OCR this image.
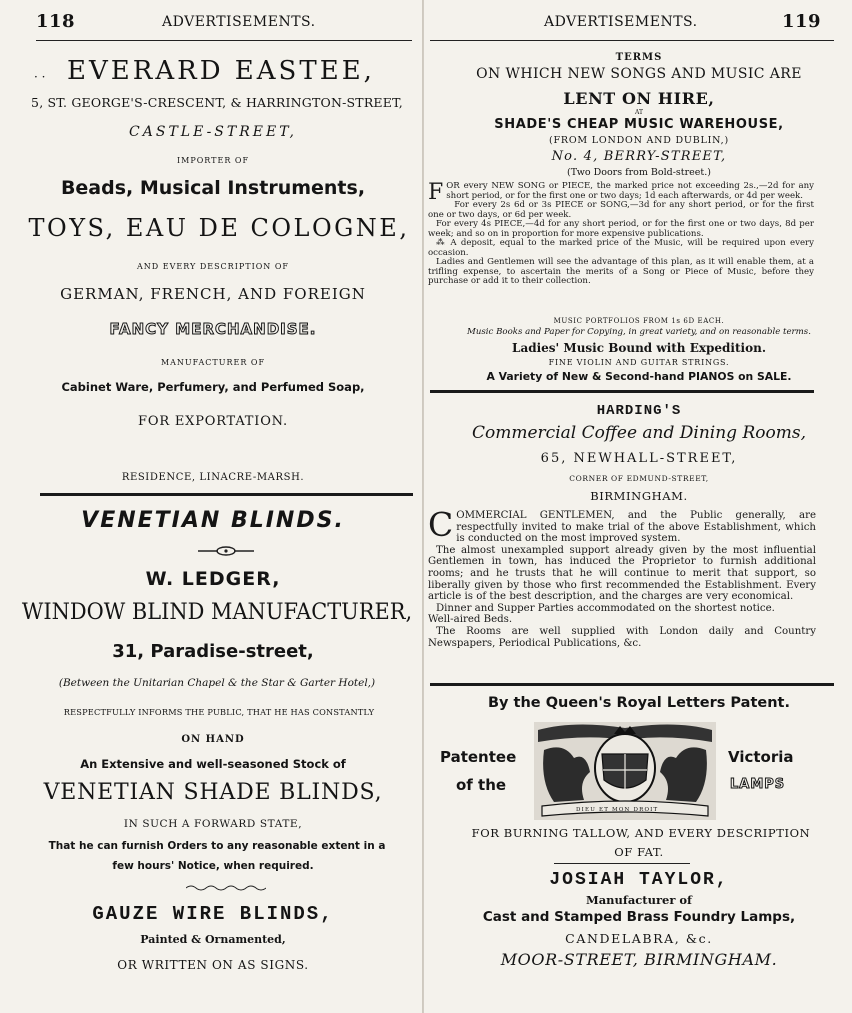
118	ADVERTISEMENTS.
EVERARD EASTEE,
· ·
5, ST. GEORGE'S-CRESCENT, & HARRINGTON-STREET,
CASTLE-STREET,
IMPORTER OF
Beads, Musical Instruments,
TOYS, EAU DE COLOGNE,
AND EVERY DESCRIPTION OF
GERMAN, FRENCH, AND FOREIGN
FANCY MERCHANDISE.
MANUFACTURER OF
Cabinet Ware, Perfumery, and Perfumed Soap,
FOR EXPORTATION.
RESIDENCE, LINACRE-MARSH.
VENETIAN BLINDS.
W. LEDGER,
WINDOW BLIND MANUFACTURER,
31, Paradise-street,
(Between the Unitarian Chapel & the Star & Garter Hotel,)
RESPECTFULLY INFORMS THE PUBLIC, THAT HE HAS CONSTANTLY
ON HAND
An Extensive and well-seasoned Stock of
VENETIAN SHADE BLINDS,
IN SUCH A FORWARD STATE,
That he can furnish Orders to any reasonable extent in a
few hours' Notice, when required.
GAUZE WIRE BLINDS,
Painted & Ornamented,
OR WRITTEN ON AS SIGNS.
ADVERTISEMENTS.	119
TERMS
ON WHICH NEW SONGS AND MUSIC ARE
LENT ON HIRE,
AT
SHADE'S CHEAP MUSIC WAREHOUSE,
(FROM LONDON AND DUBLIN,)
No. 4, BERRY-STREET,
(Two Doors from Bold-street.)
F OR every NEW SONG or PIECE, the marked price not exceeding 2s.,—2d for any short period, or for the first one or two days; 1d each afterwards, or 4d per week.

For every 2s 6d or 3s PIECE or SONG,—3d for any short period, or for the first one or two days, or 6d per week.

For every 4s PIECE,—4d for any short period, or for the first one or two days, 8d per week; and so on in proportion for more expensive publications.

⁂ A deposit, equal to the marked price of the Music, will be required upon every occasion.

Ladies and Gentlemen will see the advantage of this plan, as it will enable them, at a trifling expense, to ascertain the merits of a Song or Piece of Music, before they purchase or add it to their collection.

MUSIC PORTFOLIOS FROM 1s 6D EACH.
Music Books and Paper for Copying, in great variety, and on reasonable terms.
Ladies' Music Bound with Expedition.
FINE VIOLIN AND GUITAR STRINGS.
A Variety of New & Second-hand PIANOS on SALE.
HARDING'S
Commercial Coffee and Dining Rooms,
65, NEWHALL-STREET,
CORNER OF EDMUND-STREET,
BIRMINGHAM.
C OMMERCIAL GENTLEMEN, and the Public generally, are respectfully invited to make trial of the above Establishment, which is conducted on the most improved system.

The almost unexampled support already given by the most influential Gentlemen in town, has induced the Proprietor to furnish additional rooms; and he trusts that he will continue to merit that support, so liberally given by those who first recommended the Establishment. Every article is of the best description, and the charges are very economical.

Dinner and Supper Parties accommodated on the shortest notice.

Well-aired Beds.

The Rooms are well supplied with London daily and Country Newspapers, Periodical Publications, &c.

By the Queen's Royal Letters Patent.
Patentee
of the
Victoria
LAMPS
DIEU ET MON DROIT
FOR BURNING TALLOW, AND EVERY DESCRIPTION
OF FAT.
JOSIAH TAYLOR,
Manufacturer of
Cast and Stamped Brass Foundry Lamps,
CANDELABRA, &c.
MOOR-STREET, BIRMINGHAM.
